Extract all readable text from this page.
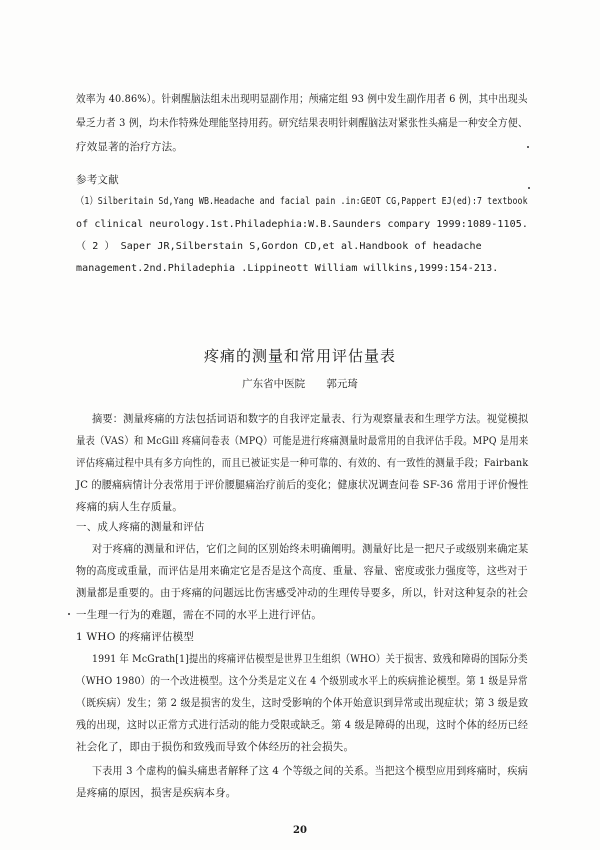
效率为 40.86%）。针刺醒脑法组未出现明显副作用；颅痛定组 93 例中发生副作用者 6 例，其中出现头
晕乏力者 3 例，均未作特殊处理能坚持用药。研究结果表明针刺醒脑法对紧张性头痛是一种安全方便、
疗效显著的治疗方法。
参考文献
（1）Silberitain Sd,Yang WB.Headache and facial pain .in:GEOT CG,Pappert EJ(ed):7 textbook
of clinical neurology.1st.Philadephia:W.B.Saunders compary 1999:1089-1105.
（ 2 ） Saper JR,Silberstain S,Gordon CD,et al.Handbook of headache
management.2nd.Philadephia .Lippineott William willkins,1999:154-213.
疼痛的测量和常用评估量表
广东省中医院 郭元琦
摘要：测量疼痛的方法包括词语和数字的自我评定量表、行为观察量表和生理学方法。视觉模拟
量表（VAS）和 McGill 疼痛问卷表（MPQ）可能是进行疼痛测量时最常用的自我评估手段。MPQ 是用来
评估疼痛过程中具有多方向性的，而且已被证实是一种可靠的、有效的、有一致性的测量手段；Fairbank
JC 的腰痛病情计分表常用于评价腰腿痛治疗前后的变化；健康状况调查问卷 SF-36 常用于评价慢性
疼痛的病人生存质量。
一、成人疼痛的测量和评估
对于疼痛的测量和评估，它们之间的区别始终未明确阐明。测量好比是一把尺子或级别来确定某
物的高度或重量，而评估是用来确定它是否是这个高度、重量、容量、密度或张力强度等，这些对于
测量都是重要的。由于疼痛的问题远比伤害感受冲动的生理传导要多，所以，针对这种复杂的社会
一生理一行为的难题，需在不同的水平上进行评估。
1 WHO 的疼痛评估模型
1991 年 McGrath[1]提出的疼痛评估模型是世界卫生组织（WHO）关于损害、致残和障碍的国际分类
（WHO 1980）的一个改进模型。这个分类是定义在 4 个级别或水平上的疾病推论模型。第 1 级是异常
（既疾病）发生；第 2 级是损害的发生，这时受影响的个体开始意识到异常或出现症状；第 3 级是致
残的出现，这时以正常方式进行活动的能力受限或缺乏。第 4 级是障碍的出现，这时个体的经历已经
社会化了，即由于损伤和致残而导致个体经历的社会损失。
下表用 3 个虚构的偏头痛患者解释了这 4 个等级之间的关系。当把这个模型应用到疼痛时，疾病
是疼痛的原因，损害是疾病本身。
20
